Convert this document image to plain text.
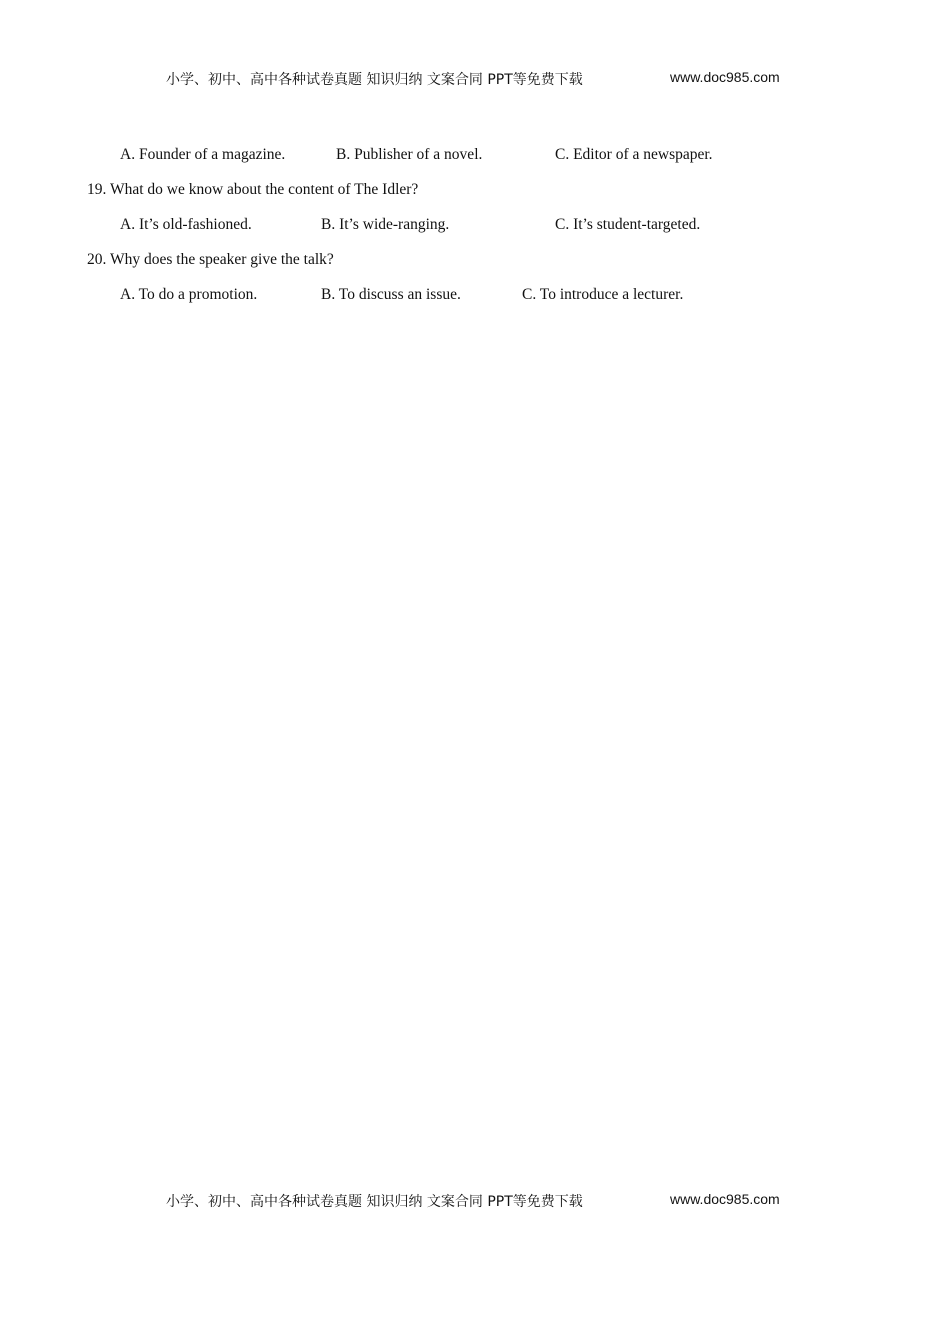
小学、初中、高中各种试卷真题 知识归纳 文案合同 PPT等免费下载	www.doc985.com
A. Founder of a magazine.	B. Publisher of a novel.	C. Editor of a newspaper.
19. What do we know about the content of The Idler?
A. It’s old-fashioned.	B. It’s wide-ranging.	C. It’s student-targeted.
20. Why does the speaker give the talk?
A. To do a promotion.	B. To discuss an issue.	C. To introduce a lecturer.
小学、初中、高中各种试卷真题 知识归纳 文案合同 PPT等免费下载	www.doc985.com
